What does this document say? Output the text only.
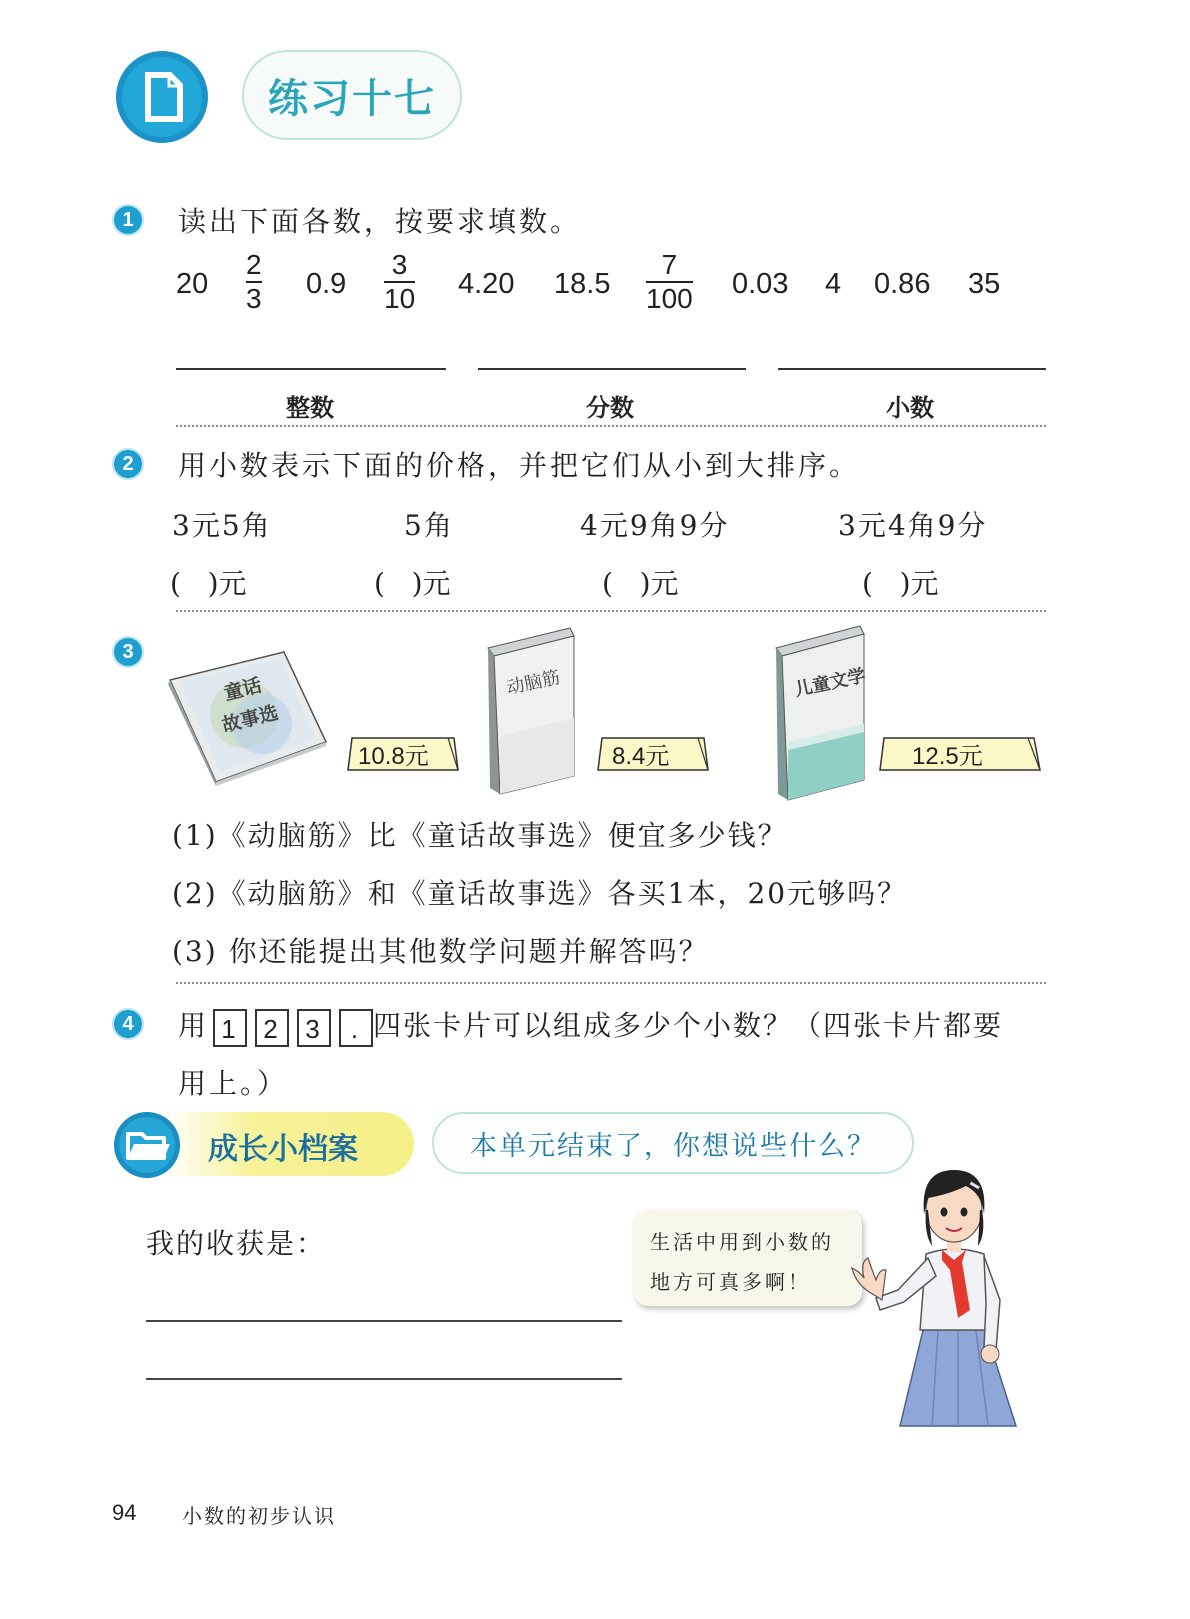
练习十七
1	读出下面各数，按要求填数。
20
2
3 0.9
3
10 4.20 18.5
7
100 0.03 4 0.86 35
整数	分数	小数
2	用小数表示下面的价格，并把它们从小到大排序。
3元5角	5角	4元9角9分	3元4角9分
(   )元	(   )元	(   )元	(   )元
3
童话
故事选
10.8元
动脑筋
8.4元
儿童文学
12.5元
(1)《动脑筋》比《童话故事选》便宜多少钱？
(2)《动脑筋》和《童话故事选》各买1本，20元够吗？
(3) 你还能提出其他数学问题并解答吗？
4	用 1 2 3 . 四张卡片可以组成多少个小数？（四张卡片都要
用上。）
成长小档案	本单元结束了，你想说些什么？
我的收获是：	生活中用到小数的
地方可真多啊！
94 小数的初步认识
